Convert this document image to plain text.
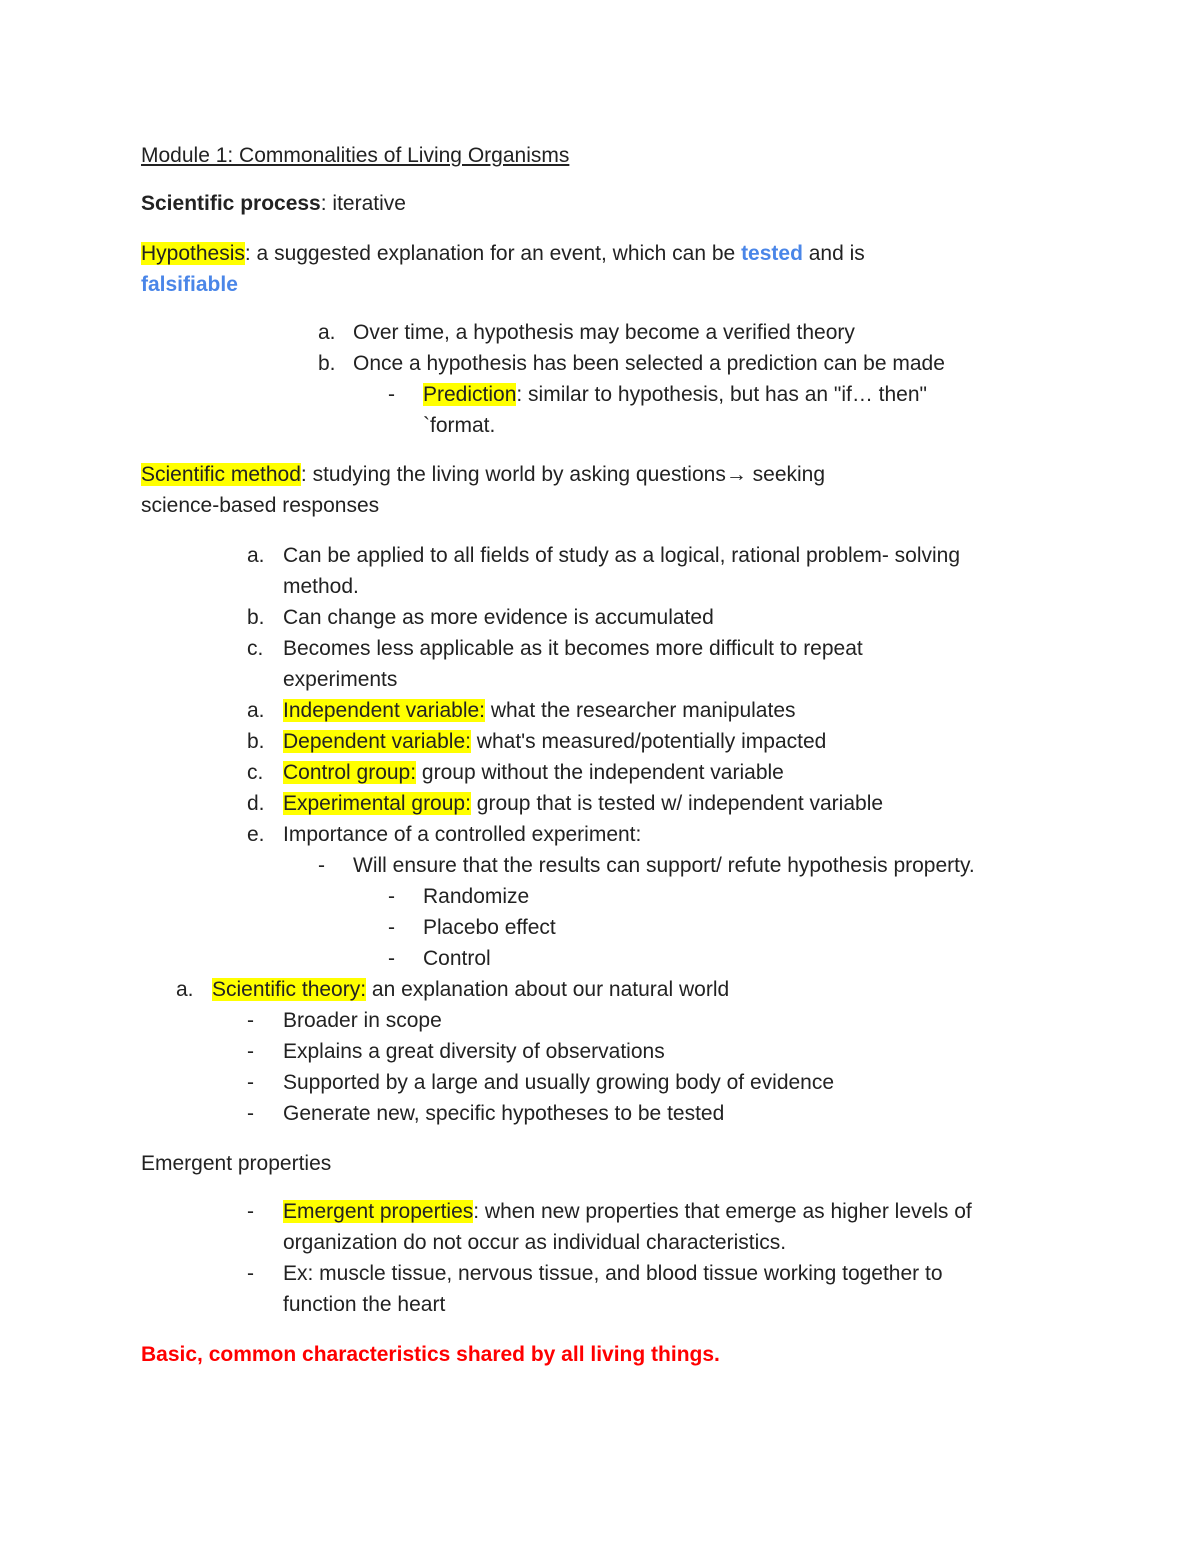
Module 1: Commonalities of Living Organisms
Scientific process: iterative
Hypothesis: a suggested explanation for an event, which can be tested and is
falsifiable
a. Over time, a hypothesis may become a verified theory
b. Once a hypothesis has been selected a prediction can be made
- Prediction: similar to hypothesis, but has an "if… then"
`format.
Scientific method: studying the living world by asking questions→ seeking
science-based responses
a. Can be applied to all fields of study as a logical, rational problem- solving
method.
b. Can change as more evidence is accumulated
c. Becomes less applicable as it becomes more difficult to repeat
experiments
a. Independent variable: what the researcher manipulates
b. Dependent variable: what's measured/potentially impacted
c. Control group: group without the independent variable
d. Experimental group: group that is tested w/ independent variable
e. Importance of a controlled experiment:
- Will ensure that the results can support/ refute hypothesis property.
- Randomize
- Placebo effect
- Control
a. Scientific theory: an explanation about our natural world
- Broader in scope
- Explains a great diversity of observations
- Supported by a large and usually growing body of evidence
- Generate new, specific hypotheses to be tested
Emergent properties
- Emergent properties: when new properties that emerge as higher levels of
organization do not occur as individual characteristics.
- Ex: muscle tissue, nervous tissue, and blood tissue working together to
function the heart
Basic, common characteristics shared by all living things.
